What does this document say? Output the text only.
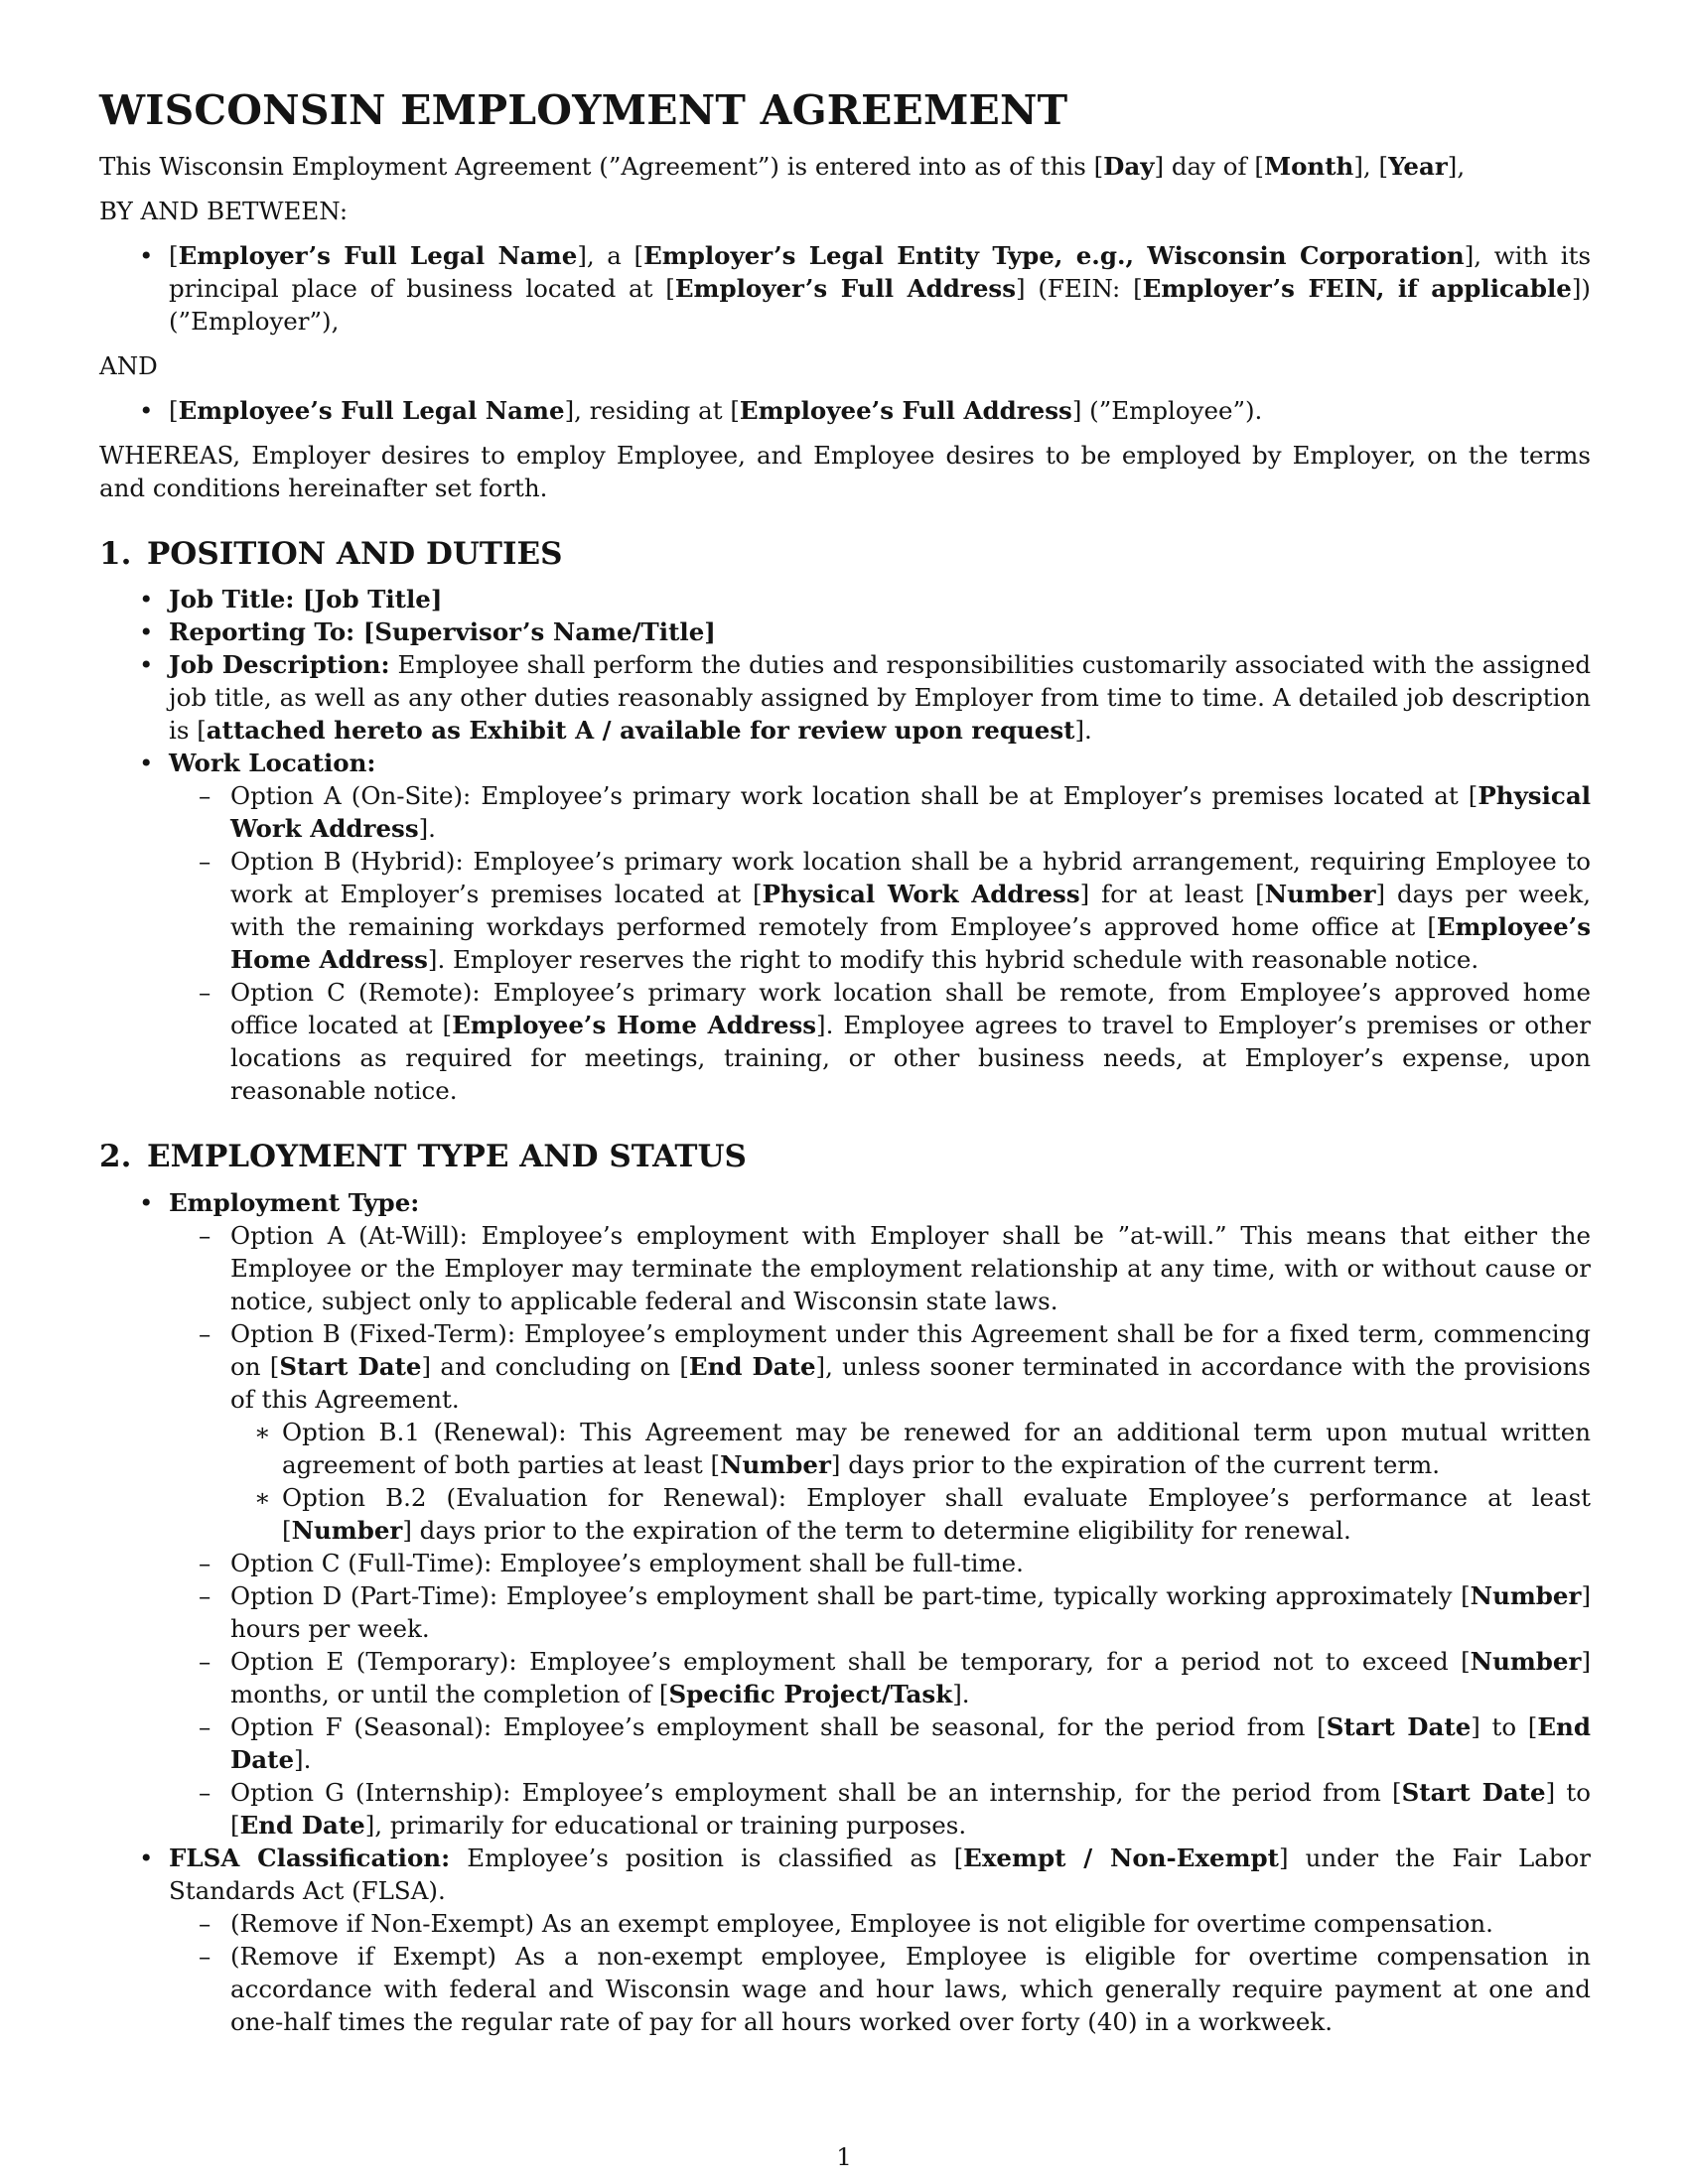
WISCONSIN EMPLOYMENT AGREEMENT

This Wisconsin Employment Agreement (”Agreement”) is entered into as of this [Day] day of [Month], [Year],

BY AND BETWEEN:

• [Employer’s Full Legal Name], a [Employer’s Legal Entity Type, e.g., Wisconsin Corporation], with its principal place of business located at [Employer’s Full Address] (FEIN: [Employer’s FEIN, if applicable]) (”Employer”),

AND

• [Employee’s Full Legal Name], residing at [Employee’s Full Address] (”Employee”).

WHEREAS, Employer desires to employ Employee, and Employee desires to be employed by Employer, on the terms and conditions hereinafter set forth.

1. POSITION AND DUTIES
• Job Title: [Job Title]
• Reporting To: [Supervisor’s Name/Title]
• Job Description: Employee shall perform the duties and responsibilities customarily associated with the assigned job title, as well as any other duties reasonably assigned by Employer from time to time. A detailed job description is [attached hereto as Exhibit A / available for review upon request].
• Work Location:
– Option A (On-Site): Employee’s primary work location shall be at Employer’s premises located at [Physical Work Address].
– Option B (Hybrid): Employee’s primary work location shall be a hybrid arrangement, requiring Employee to work at Employer’s premises located at [Physical Work Address] for at least [Number] days per week, with the remaining workdays performed remotely from Employee’s approved home office at [Employee’s Home Address]. Employer reserves the right to modify this hybrid schedule with reasonable notice.
– Option C (Remote): Employee’s primary work location shall be remote, from Employee’s approved home office located at [Employee’s Home Address]. Employee agrees to travel to Employer’s premises or other locations as required for meetings, training, or other business needs, at Employer’s expense, upon reasonable notice.
2. EMPLOYMENT TYPE AND STATUS
• Employment Type:
– Option A (At-Will): Employee’s employment with Employer shall be ”at-will.” This means that either the Employee or the Employer may terminate the employment relationship at any time, with or without cause or notice, subject only to applicable federal and Wisconsin state laws.
– Option B (Fixed-Term): Employee’s employment under this Agreement shall be for a fixed term, commencing on [Start Date] and concluding on [End Date], unless sooner terminated in accordance with the provisions of this Agreement.
∗ Option B.1 (Renewal): This Agreement may be renewed for an additional term upon mutual written agreement of both parties at least [Number] days prior to the expiration of the current term.
∗ Option B.2 (Evaluation for Renewal): Employer shall evaluate Employee’s performance at least [Number] days prior to the expiration of the term to determine eligibility for renewal.
– Option C (Full-Time): Employee’s employment shall be full-time.
– Option D (Part-Time): Employee’s employment shall be part-time, typically working approximately [Number] hours per week.
– Option E (Temporary): Employee’s employment shall be temporary, for a period not to exceed [Number] months, or until the completion of [Specific Project/Task].
– Option F (Seasonal): Employee’s employment shall be seasonal, for the period from [Start Date] to [End Date].
– Option G (Internship): Employee’s employment shall be an internship, for the period from [Start Date] to [End Date], primarily for educational or training purposes.
• FLSA Classification: Employee’s position is classified as [Exempt / Non-Exempt] under the Fair Labor Standards Act (FLSA).
– (Remove if Non-Exempt) As an exempt employee, Employee is not eligible for overtime compensation.
– (Remove if Exempt) As a non-exempt employee, Employee is eligible for overtime compensation in accordance with federal and Wisconsin wage and hour laws, which generally require payment at one and one-half times the regular rate of pay for all hours worked over forty (40) in a workweek.
1
